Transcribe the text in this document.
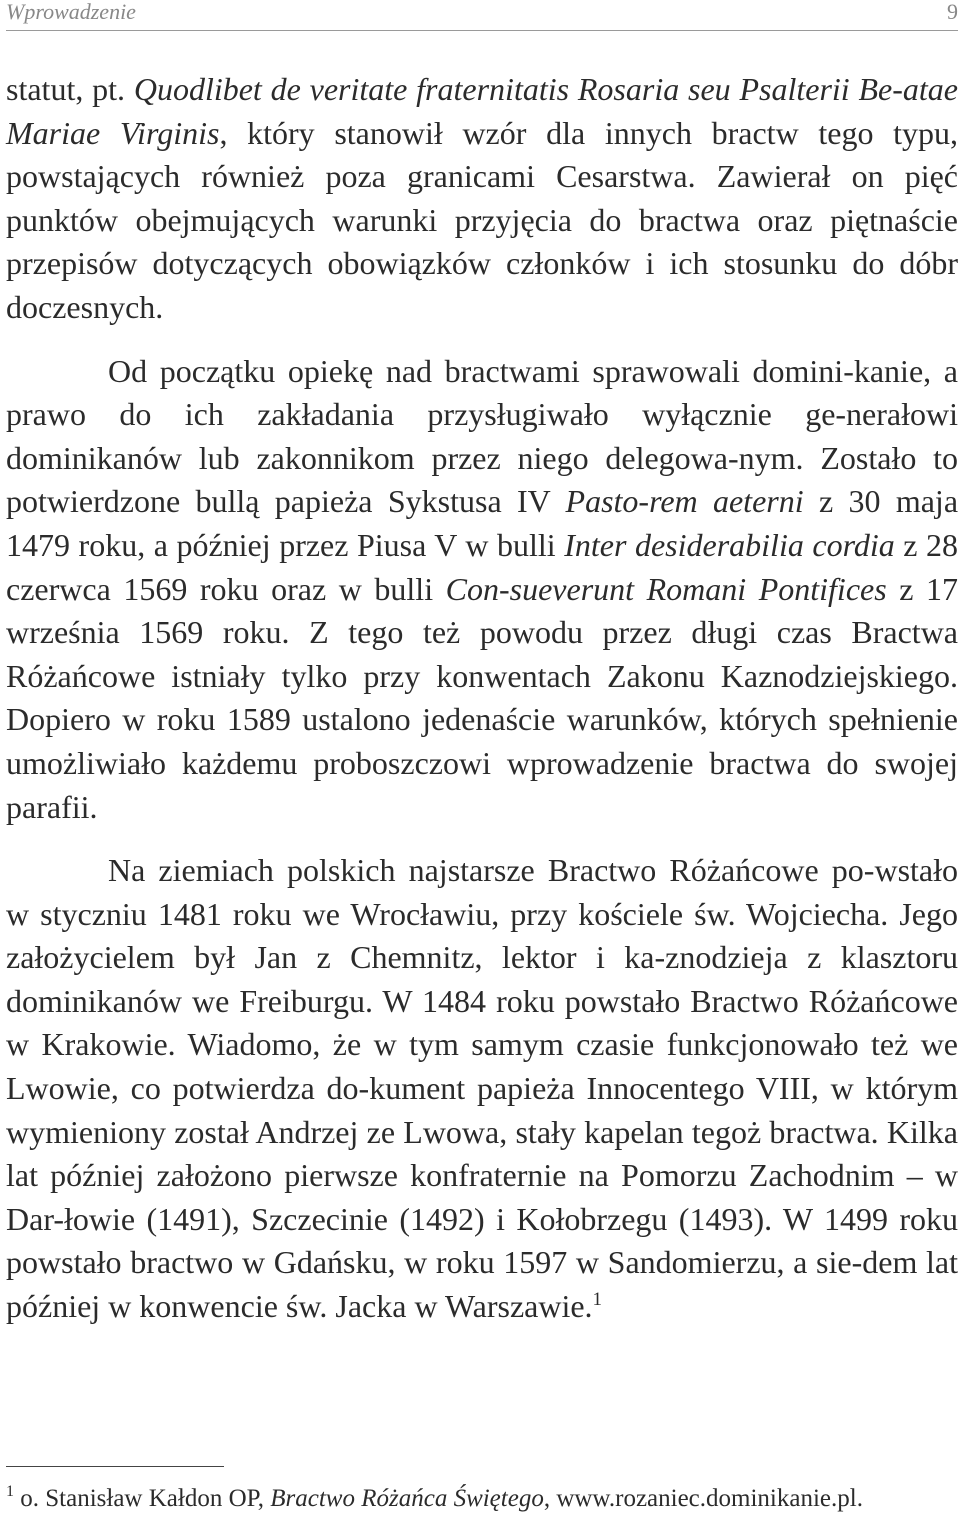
Wprowadzenie	9

statut, pt. Quodlibet de veritate fraternitatis Rosaria seu Psalterii Be-atae Mariae Virginis, który stanowił wzór dla innych bractw tego typu, powstających również poza granicami Cesarstwa. Zawierał on pięć punktów obejmujących warunki przyjęcia do bractwa oraz piętnaście przepisów dotyczących obowiązków członków i ich stosunku do dóbr doczesnych.

Od początku opiekę nad bractwami sprawowali domini-kanie, a prawo do ich zakładania przysługiwało wyłącznie ge-nerałowi dominikanów lub zakonnikom przez niego delegowa-nym. Zostało to potwierdzone bullą papieża Sykstusa IV Pasto-rem aeterni z 30 maja 1479 roku, a później przez Piusa V w bulli Inter desiderabilia cordia z 28 czerwca 1569 roku oraz w bulli Con-sueverunt Romani Pontifices z 17 września 1569 roku. Z tego też powodu przez długi czas Bractwa Różańcowe istniały tylko przy konwentach Zakonu Kaznodziejskiego. Dopiero w roku 1589 ustalono jedenaście warunków, których spełnienie umożliwiało każdemu proboszczowi wprowadzenie bractwa do swojej parafii.

Na ziemiach polskich najstarsze Bractwo Różańcowe po-wstało w styczniu 1481 roku we Wrocławiu, przy kościele św. Wojciecha. Jego założycielem był Jan z Chemnitz, lektor i ka-znodzieja z klasztoru dominikanów we Freiburgu. W 1484 roku powstało Bractwo Różańcowe w Krakowie. Wiadomo, że w tym samym czasie funkcjonowało też we Lwowie, co potwierdza do-kument papieża Innocentego VIII, w którym wymieniony został Andrzej ze Lwowa, stały kapelan tegoż bractwa. Kilka lat później założono pierwsze konfraternie na Pomorzu Zachodnim – w Dar-łowie (1491), Szczecinie (1492) i Kołobrzegu (1493). W 1499 roku powstało bractwo w Gdańsku, w roku 1597 w Sandomierzu, a sie-dem lat później w konwencie św. Jacka w Warszawie.$^1$

$^1$ o. Stanisław Kałdon OP, Bractwo Różańca Świętego, www.rozaniec.dominikanie.pl.
